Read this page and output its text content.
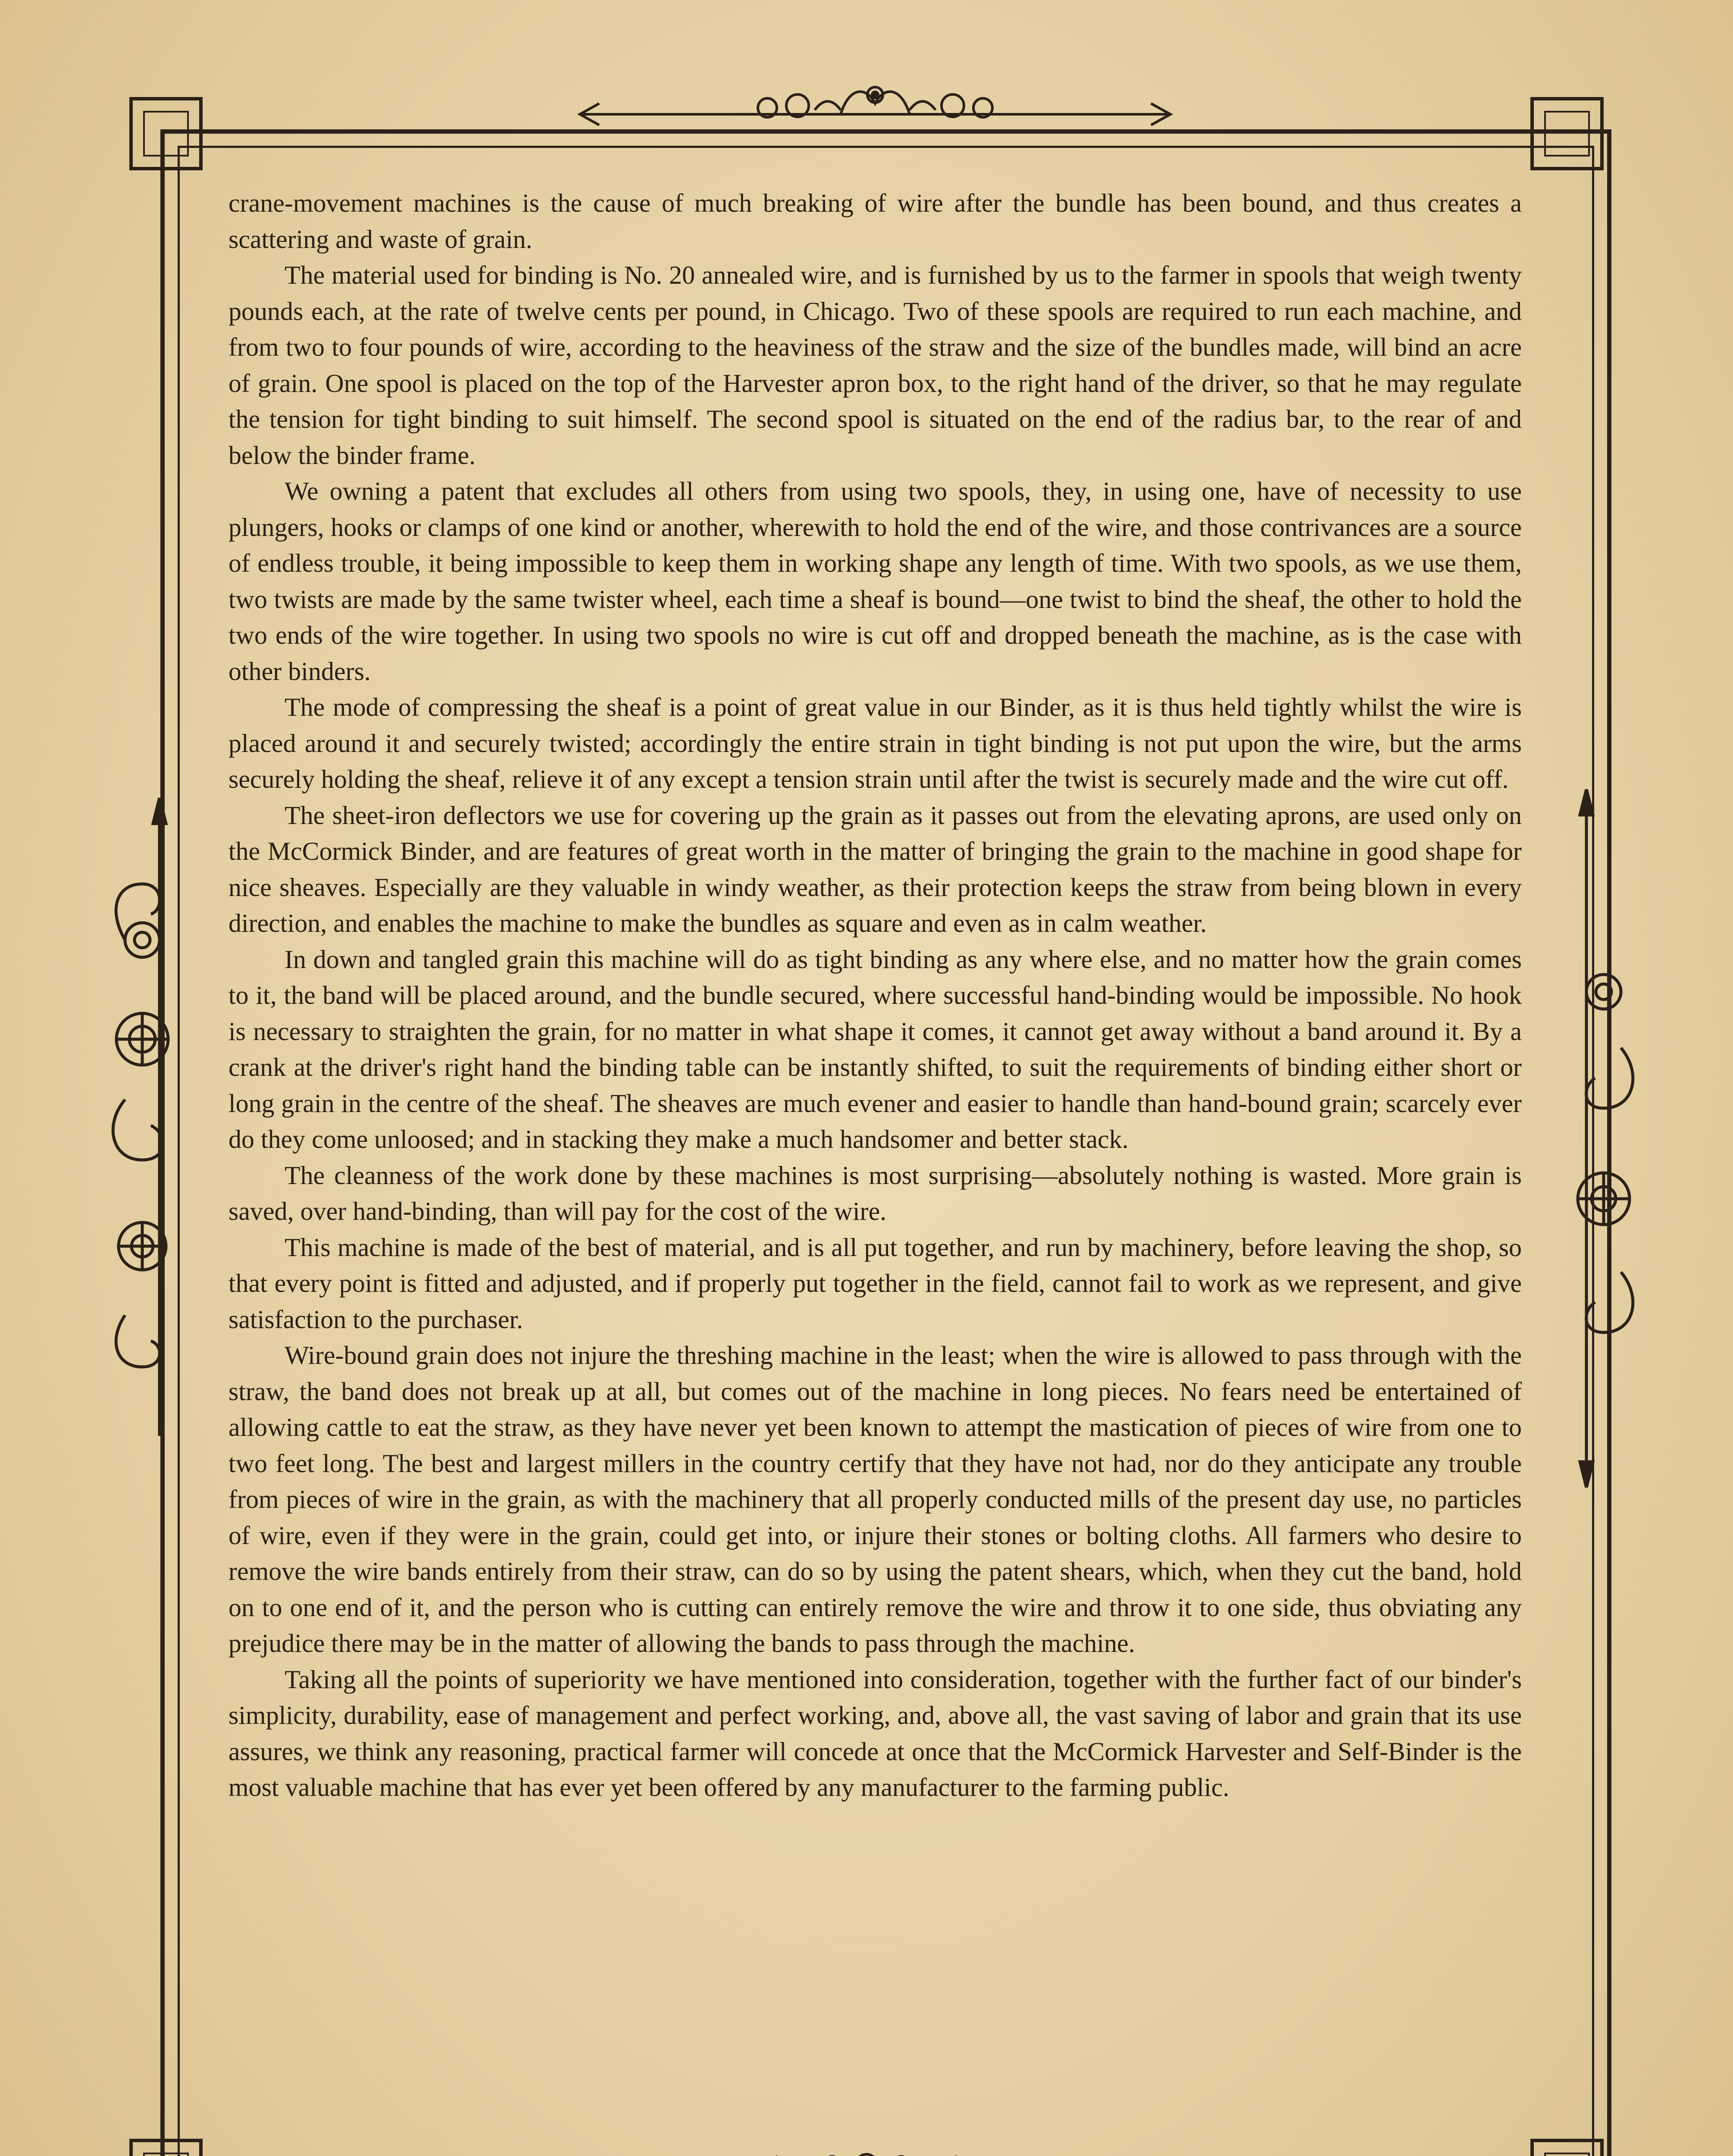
crane-movement machines is the cause of much breaking of wire after the bundle has been bound, and thus creates a scattering and waste of grain.

The material used for binding is No. 20 annealed wire, and is furnished by us to the farmer in spools that weigh twenty pounds each, at the rate of twelve cents per pound, in Chicago. Two of these spools are required to run each machine, and from two to four pounds of wire, according to the heaviness of the straw and the size of the bundles made, will bind an acre of grain. One spool is placed on the top of the Harvester apron box, to the right hand of the driver, so that he may regulate the tension for tight binding to suit himself. The second spool is situated on the end of the radius bar, to the rear of and below the binder frame.

We owning a patent that excludes all others from using two spools, they, in using one, have of necessity to use plungers, hooks or clamps of one kind or another, wherewith to hold the end of the wire, and those contrivances are a source of endless trouble, it being impossible to keep them in working shape any length of time. With two spools, as we use them, two twists are made by the same twister wheel, each time a sheaf is bound—one twist to bind the sheaf, the other to hold the two ends of the wire together. In using two spools no wire is cut off and dropped beneath the machine, as is the case with other binders.

The mode of compressing the sheaf is a point of great value in our Binder, as it is thus held tightly whilst the wire is placed around it and securely twisted; accordingly the entire strain in tight binding is not put upon the wire, but the arms securely holding the sheaf, relieve it of any except a tension strain until after the twist is securely made and the wire cut off.

The sheet-iron deflectors we use for covering up the grain as it passes out from the elevating aprons, are used only on the McCormick Binder, and are features of great worth in the matter of bringing the grain to the machine in good shape for nice sheaves. Especially are they valuable in windy weather, as their protection keeps the straw from being blown in every direction, and enables the machine to make the bundles as square and even as in calm weather.

In down and tangled grain this machine will do as tight binding as any where else, and no matter how the grain comes to it, the band will be placed around, and the bundle secured, where successful hand-binding would be impossible. No hook is necessary to straighten the grain, for no matter in what shape it comes, it cannot get away without a band around it. By a crank at the driver's right hand the binding table can be instantly shifted, to suit the requirements of binding either short or long grain in the centre of the sheaf. The sheaves are much evener and easier to handle than hand-bound grain; scarcely ever do they come unloosed; and in stacking they make a much handsomer and better stack.

The cleanness of the work done by these machines is most surprising—absolutely nothing is wasted. More grain is saved, over hand-binding, than will pay for the cost of the wire.

This machine is made of the best of material, and is all put together, and run by machinery, before leaving the shop, so that every point is fitted and adjusted, and if properly put together in the field, cannot fail to work as we represent, and give satisfaction to the purchaser.

Wire-bound grain does not injure the threshing machine in the least; when the wire is allowed to pass through with the straw, the band does not break up at all, but comes out of the machine in long pieces. No fears need be entertained of allowing cattle to eat the straw, as they have never yet been known to attempt the mastication of pieces of wire from one to two feet long. The best and largest millers in the country certify that they have not had, nor do they anticipate any trouble from pieces of wire in the grain, as with the machinery that all properly conducted mills of the present day use, no particles of wire, even if they were in the grain, could get into, or injure their stones or bolting cloths. All farmers who desire to remove the wire bands entirely from their straw, can do so by using the patent shears, which, when they cut the band, hold on to one end of it, and the person who is cutting can entirely remove the wire and throw it to one side, thus obviating any prejudice there may be in the matter of allowing the bands to pass through the machine.

Taking all the points of superiority we have mentioned into consideration, together with the further fact of our binder's simplicity, durability, ease of management and perfect working, and, above all, the vast saving of labor and grain that its use assures, we think any reasoning, practical farmer will concede at once that the McCormick Harvester and Self-Binder is the most valuable machine that has ever yet been offered by any manufacturer to the farming public.
